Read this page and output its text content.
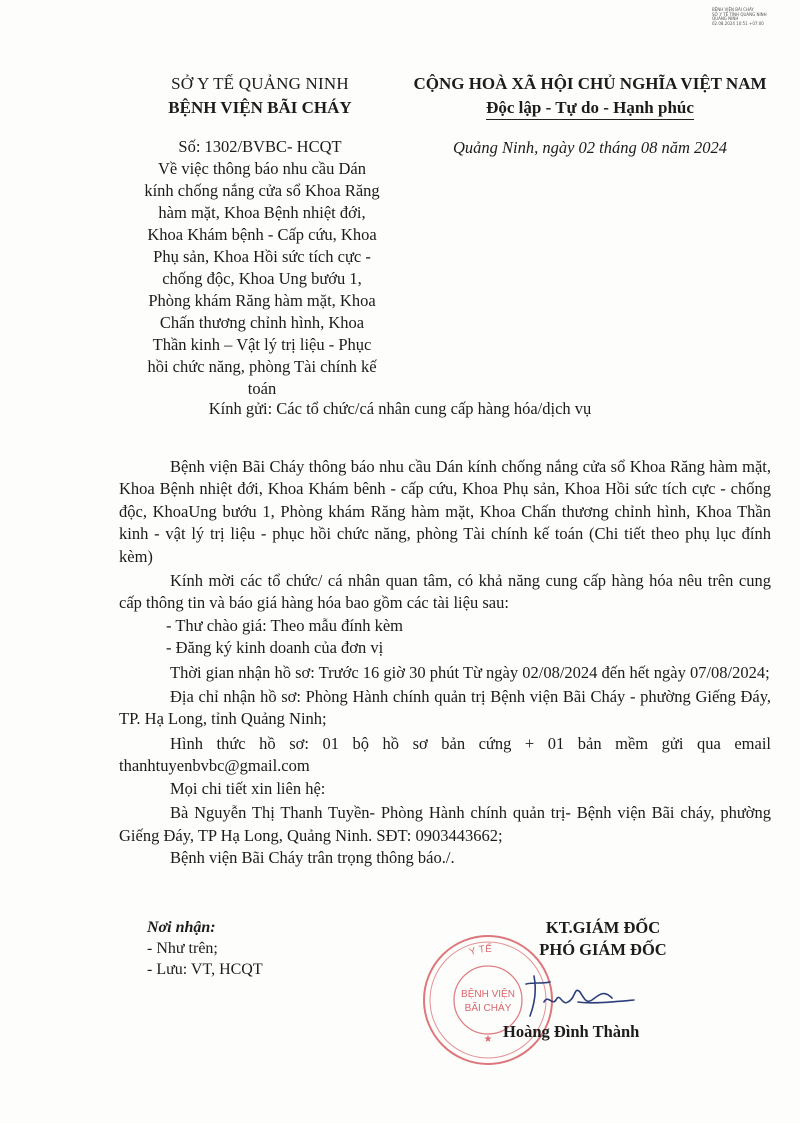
BỆNH VIỆN BÃI CHÁY
SỞ Y TẾ TỈNH QUẢNG NINH
QUẢNG NINH
02.08.2024 10:51 +07:00
SỞ Y TẾ QUẢNG NINH
BỆNH VIỆN BÃI CHÁY
CỘNG HOÀ XÃ HỘI CHỦ NGHĨA VIỆT NAM
Độc lập - Tự do - Hạnh phúc
Số: 1302/BVBC- HCQT
Về việc thông báo nhu cầu Dán
kính chống nắng cửa sổ Khoa Răng
hàm mặt, Khoa Bệnh nhiệt đới,
Khoa Khám bệnh - Cấp cứu, Khoa
Phụ sản, Khoa Hồi sức tích cực -
chống độc, Khoa Ung bướu 1,
Phòng khám Răng hàm mặt, Khoa
Chấn thương chỉnh hình, Khoa
Thần kinh – Vật lý trị liệu - Phục
hồi chức năng, phòng Tài chính kế
toán
Quảng Ninh, ngày 02 tháng 08 năm 2024
Kính gửi: Các tổ chức/cá nhân cung cấp hàng hóa/dịch vụ

Bệnh viện Bãi Cháy thông báo nhu cầu Dán kính chống nắng cửa sổ Khoa Răng hàm mặt, Khoa Bệnh nhiệt đới, Khoa Khám bênh - cấp cứu, Khoa Phụ sản, Khoa Hồi sức tích cực - chống độc, KhoaUng bướu 1, Phòng khám Răng hàm mặt, Khoa Chấn thương chỉnh hình, Khoa Thần kinh - vật lý trị liệu - phục hồi chức năng, phòng Tài chính kế toán (Chi tiết theo phụ lục đính kèm)

Kính mời các tổ chức/ cá nhân quan tâm, có khả năng cung cấp hàng hóa nêu trên cung cấp thông tin và báo giá hàng hóa bao gồm các tài liệu sau:

- Thư chào giá: Theo mẫu đính kèm

- Đăng ký kinh doanh của đơn vị

Thời gian nhận hồ sơ: Trước 16 giờ 30 phút Từ ngày 02/08/2024 đến hết ngày 07/08/2024;

Địa chỉ nhận hồ sơ: Phòng Hành chính quản trị Bệnh viện Bãi Cháy - phường Giếng Đáy, TP. Hạ Long, tỉnh Quảng Ninh;

Hình thức hồ sơ: 01 bộ hồ sơ bản cứng + 01 bản mềm gửi qua email thanhtuyenbvbc@gmail.com

Mọi chi tiết xin liên hệ:

Bà Nguyễn Thị Thanh Tuyền- Phòng Hành chính quản trị- Bệnh viện Bãi cháy, phường Giếng Đáy, TP Hạ Long, Quảng Ninh. SĐT: 0903443662;

Bệnh viện Bãi Cháy trân trọng thông báo./.

Nơi nhận:
- Như trên;
- Lưu: VT, HCQT
KT.GIÁM ĐỐC
PHÓ GIÁM ĐỐC
Y TẾ
BỆNH VIỆN
BÃI CHÁY
★ Hoàng Đình Thành
